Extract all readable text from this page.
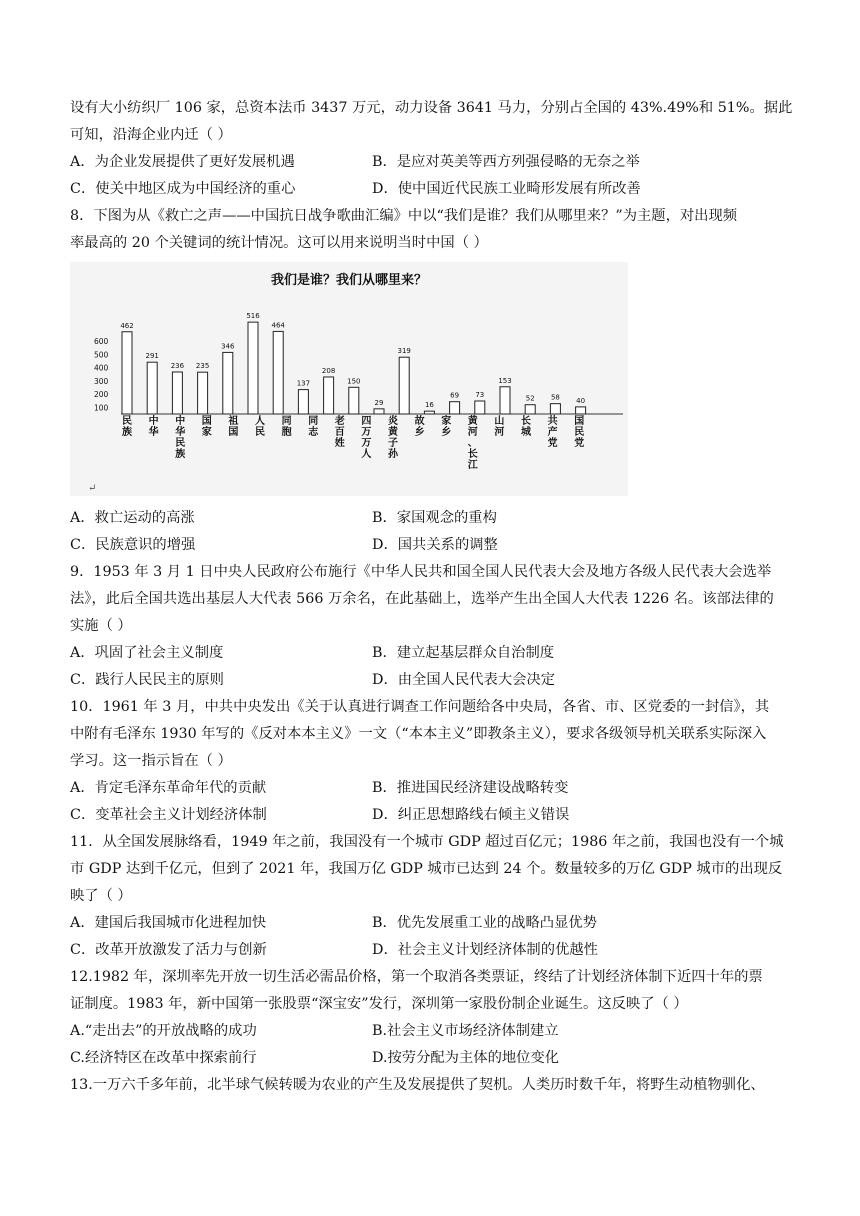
设有大小纺织厂 106 家，总资本法币 3437 万元，动力设备 3641 马力，分别占全国的 43%.49%和 51%。据此
可知，沿海企业内迁（ ）
A．为企业发展提供了更好发展机遇	B．是应对英美等西方列强侵略的无奈之举
C．使关中地区成为中国经济的重心	D．使中国近代民族工业畸形发展有所改善
8．下图为从《救亡之声——中国抗日战争歌曲汇编》中以“我们是谁？我们从哪里来？”为主题，对出现频
率最高的 20 个关键词的统计情况。这可以用来说明当时中国（ ）
我们是谁？我们从哪里来？
600
500
400
300
200
100
462
291
236 235
346
516
464
137
208
150
29
319
16
69 73
153
52 58 40
民族
中华
中华民族
国家
祖国
人民
同胞
同志
老百姓
四万万人
炎黄子孙
故乡
家乡
黄河、长江
山河
长城
共产党
国民党
↵
A．救亡运动的高涨	B．家国观念的重构
C．民族意识的增强	D．国共关系的调整
9．1953 年 3 月 1 日中央人民政府公布施行《中华人民共和国全国人民代表大会及地方各级人民代表大会选举
法》，此后全国共选出基层人大代表 566 万余名，在此基础上，选举产生出全国人大代表 1226 名。该部法律的
实施（ ）
A．巩固了社会主义制度	B．建立起基层群众自治制度
C．践行人民民主的原则	D．由全国人民代表大会决定
10．1961 年 3 月，中共中央发出《关于认真进行调查工作问题给各中央局，各省、市、区党委的一封信》，其
中附有毛泽东 1930 年写的《反对本本主义》一文（“本本主义”即教条主义），要求各级领导机关联系实际深入
学习。这一指示旨在（ ）
A．肯定毛泽东革命年代的贡献	B．推进国民经济建设战略转变
C．变革社会主义计划经济体制	D．纠正思想路线右倾主义错误
11．从全国发展脉络看，1949 年之前，我国没有一个城市 GDP 超过百亿元；1986 年之前，我国也没有一个城
市 GDP 达到千亿元，但到了 2021 年，我国万亿 GDP 城市已达到 24 个。数量较多的万亿 GDP 城市的出现反
映了（ ）
A．建国后我国城市化进程加快	B．优先发展重工业的战略凸显优势
C．改革开放激发了活力与创新	D．社会主义计划经济体制的优越性
12.1982 年，深圳率先开放一切生活必需品价格，第一个取消各类票证，终结了计划经济体制下近四十年的票
证制度。1983 年，新中国第一张股票“深宝安”发行，深圳第一家股份制企业诞生。这反映了（ ）
A.“走出去”的开放战略的成功	B.社会主义市场经济体制建立
C.经济特区在改革中探索前行	D.按劳分配为主体的地位变化
13.一万六千多年前，北半球气候转暖为农业的产生及发展提供了契机。人类历时数千年，将野生动植物驯化、
